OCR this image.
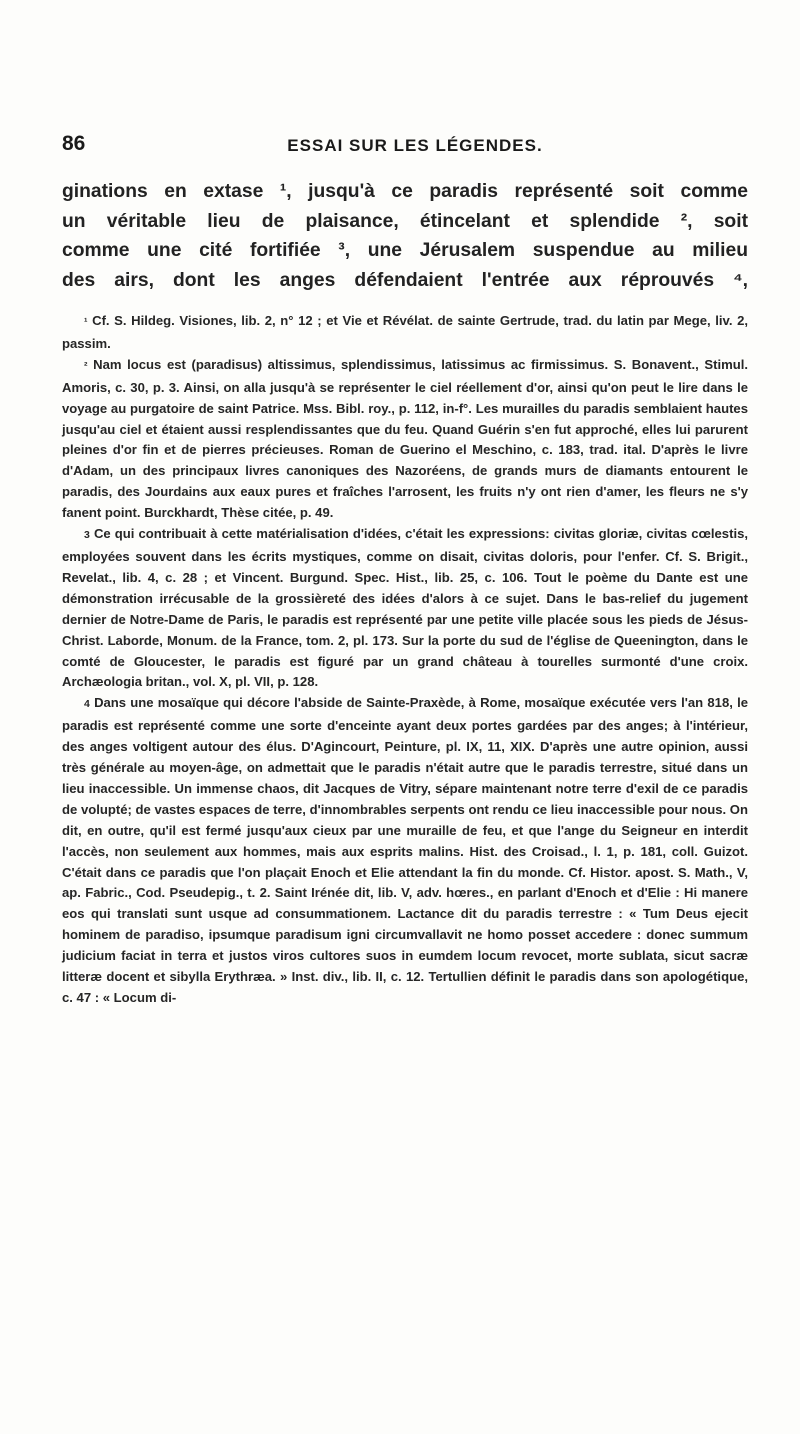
86	ESSAI SUR LES LÉGENDES.
ginations en extase ¹, jusqu'à ce paradis représenté soit comme
un véritable lieu de plaisance, étincelant et splendide ², soit
comme une cité fortifiée ³, une Jérusalem suspendue au milieu
des airs, dont les anges défendaient l'entrée aux réprouvés ⁴,

¹ Cf. S. Hildeg. Visiones, lib. 2, n° 12 ; et Vie et Révélat. de sainte Gertrude, trad. du latin par Mege, liv. 2, passim.

² Nam locus est (paradisus) altissimus, splendissimus, latissimus ac firmissimus. S. Bonavent., Stimul. Amoris, c. 30, p. 3. Ainsi, on alla jusqu'à se représenter le ciel réellement d'or, ainsi qu'on peut le lire dans le voyage au purgatoire de saint Patrice. Mss. Bibl. roy., p. 112, in-f°. Les murailles du paradis semblaient hautes jusqu'au ciel et étaient aussi resplendissantes que du feu. Quand Guérin s'en fut approché, elles lui parurent pleines d'or fin et de pierres précieuses. Roman de Guerino el Meschino, c. 183, trad. ital. D'après le livre d'Adam, un des principaux livres canoniques des Nazoréens, de grands murs de diamants entourent le paradis, des Jourdains aux eaux pures et fraîches l'arrosent, les fruits n'y ont rien d'amer, les fleurs ne s'y fanent point. Burckhardt, Thèse citée, p. 49.

3 Ce qui contribuait à cette matérialisation d'idées, c'était les expressions: civitas gloriæ, civitas cœlestis, employées souvent dans les écrits mystiques, comme on disait, civitas doloris, pour l'enfer. Cf. S. Brigit., Revelat., lib. 4, c. 28 ; et Vincent. Burgund. Spec. Hist., lib. 25, c. 106. Tout le poème du Dante est une démonstration irrécusable de la grossièreté des idées d'alors à ce sujet. Dans le bas-relief du jugement dernier de Notre-Dame de Paris, le paradis est représenté par une petite ville placée sous les pieds de Jésus-Christ. Laborde, Monum. de la France, tom. 2, pl. 173. Sur la porte du sud de l'église de Queenington, dans le comté de Gloucester, le paradis est figuré par un grand château à tourelles surmonté d'une croix. Archæologia britan., vol. X, pl. VII, p. 128.

4 Dans une mosaïque qui décore l'abside de Sainte-Praxède, à Rome, mosaïque exécutée vers l'an 818, le paradis est représenté comme une sorte d'enceinte ayant deux portes gardées par des anges; à l'intérieur, des anges voltigent autour des élus. D'Agincourt, Peinture, pl. IX, 11, XIX. D'après une autre opinion, aussi très générale au moyen-âge, on admettait que le paradis n'était autre que le paradis terrestre, situé dans un lieu inaccessible. Un immense chaos, dit Jacques de Vitry, sépare maintenant notre terre d'exil de ce paradis de volupté; de vastes espaces de terre, d'innombrables serpents ont rendu ce lieu inaccessible pour nous. On dit, en outre, qu'il est fermé jusqu'aux cieux par une muraille de feu, et que l'ange du Seigneur en interdit l'accès, non seulement aux hommes, mais aux esprits malins. Hist. des Croisad., l. 1, p. 181, coll. Guizot. C'était dans ce paradis que l'on plaçait Enoch et Elie attendant la fin du monde. Cf. Histor. apost. S. Math., V, ap. Fabric., Cod. Pseudepig., t. 2. Saint Irénée dit, lib. V, adv. hœres., en parlant d'Enoch et d'Elie : Hi manere eos qui translati sunt usque ad consummationem. Lactance dit du paradis terrestre : « Tum Deus ejecit hominem de paradiso, ipsumque paradisum igni circumvallavit ne homo posset accedere : donec summum judicium faciat in terra et justos viros cultores suos in eumdem locum revocet, morte sublata, sicut sacræ litteræ docent et sibylla Erythræa. » Inst. div., lib. II, c. 12. Tertullien définit le paradis dans son apologétique, c. 47 : « Locum di-
